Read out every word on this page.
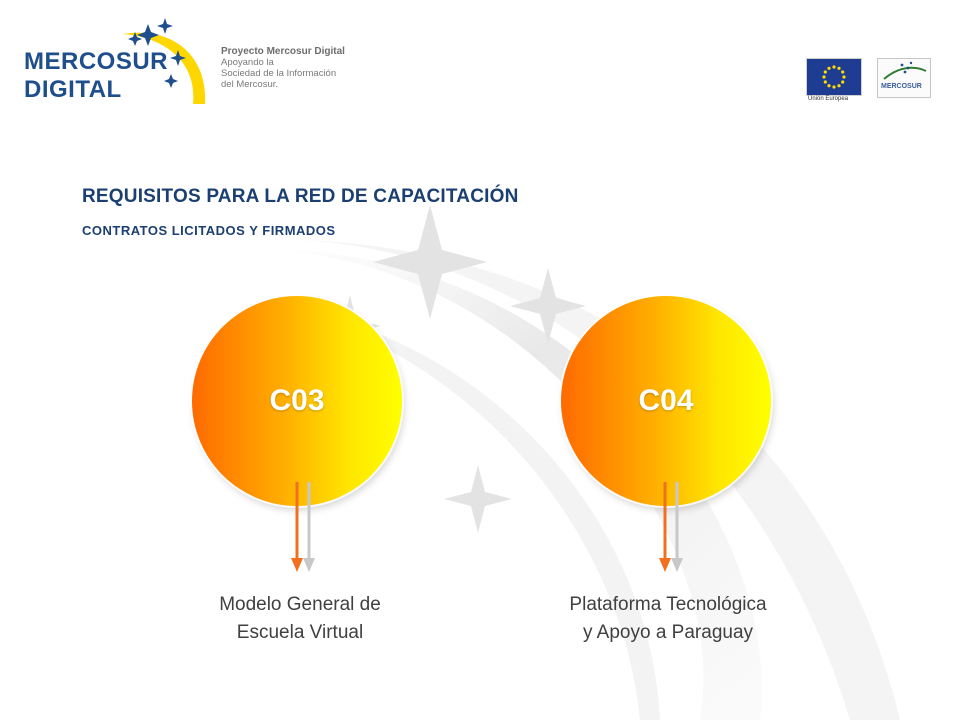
MERCOSUR
DIGITAL
Proyecto Mercosur Digital
Apoyando la
Sociedad de la Información
del Mercosur.
Unión Europea
MERCOSUR
REQUISITOS PARA LA RED DE CAPACITACIÓN
CONTRATOS LICITADOS Y FIRMADOS
C03	C04
Modelo General de
Escuela Virtual
Plataforma Tecnológica
y Apoyo a Paraguay
